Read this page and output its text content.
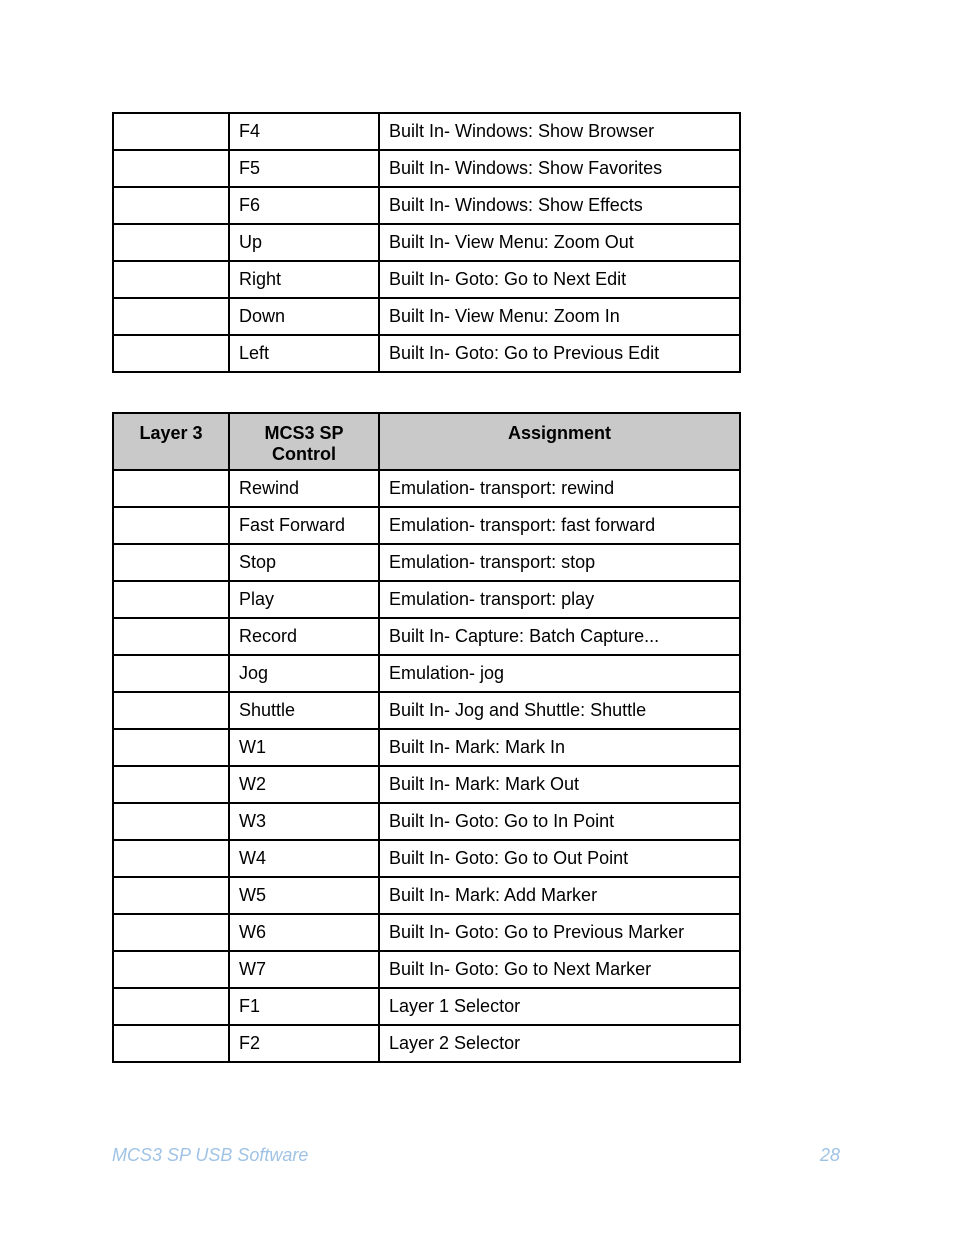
	F4	Built In- Windows: Show Browser
	F5	Built In- Windows: Show Favorites
	F6	Built In- Windows: Show Effects
	Up	Built In- View Menu: Zoom Out
	Right	Built In- Goto: Go to Next Edit
	Down	Built In- View Menu: Zoom In
	Left	Built In- Goto: Go to Previous Edit
Layer 3	MCS3 SP Control	Assignment
	Rewind	Emulation- transport: rewind
	Fast Forward	Emulation- transport: fast forward
	Stop	Emulation- transport: stop
	Play	Emulation- transport: play
	Record	Built In- Capture: Batch Capture...
	Jog	Emulation- jog
	Shuttle	Built In- Jog and Shuttle: Shuttle
	W1	Built In- Mark: Mark In
	W2	Built In- Mark: Mark Out
	W3	Built In- Goto: Go to In Point
	W4	Built In- Goto: Go to Out Point
	W5	Built In- Mark: Add Marker
	W6	Built In- Goto: Go to Previous Marker
	W7	Built In- Goto: Go to Next Marker
	F1	Layer 1 Selector
	F2	Layer 2 Selector
MCS3 SP USB Software	28
